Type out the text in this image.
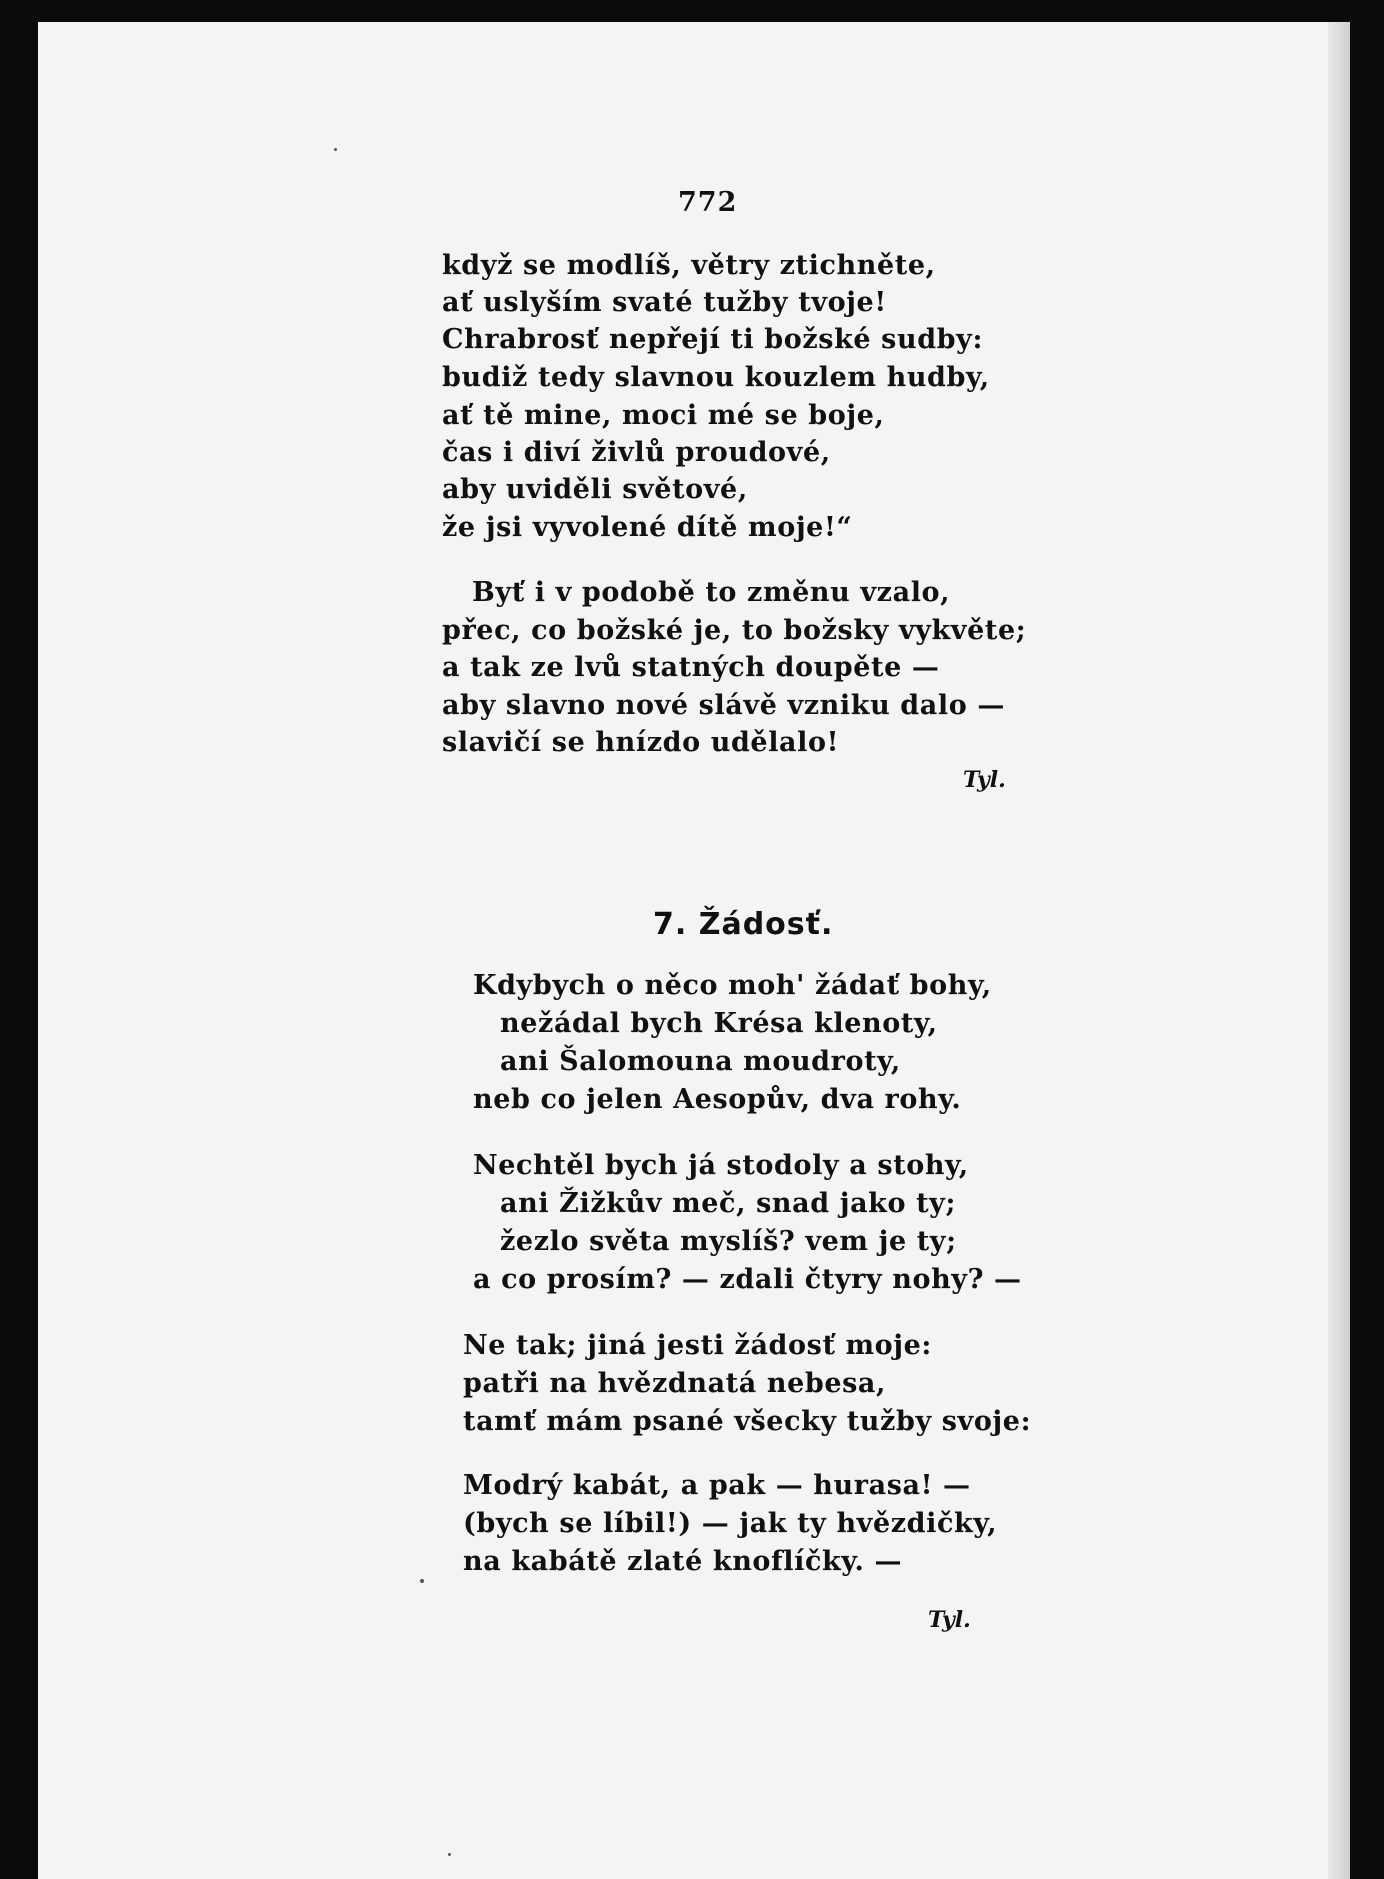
772
když se modlíš, větry ztichněte,
ať uslyším svaté tužby tvoje!
Chrabrosť nepřejí ti božské sudby:
budiž tedy slavnou kouzlem hudby,
ať tě mine, moci mé se boje,
čas i diví živlů proudové,
aby uviděli světové,
že jsi vyvolené dítě moje!“
Byť i v podobě to změnu vzalo,
přec, co božské je, to božsky vykvěte;
a tak ze lvů statných doupěte —
aby slavno nové slávě vzniku dalo —
slavičí se hnízdo udělalo!
Tyl.
7. Žádosť.
Kdybych o něco moh' žádať bohy,
nežádal bych Krésa klenoty,
ani Šalomouna moudroty,
neb co jelen Aesopův, dva rohy.
Nechtěl bych já stodoly a stohy,
ani Žižkův meč, snad jako ty;
žezlo světa myslíš? vem je ty;
a co prosím? — zdali čtyry nohy? —
Ne tak; jiná jesti žádosť moje:
patři na hvězdnatá nebesa,
tamť mám psané všecky tužby svoje:
Modrý kabát, a pak — hurasa! —
(bych se líbil!) — jak ty hvězdičky,
na kabátě zlaté knoflíčky. —
Tyl.
